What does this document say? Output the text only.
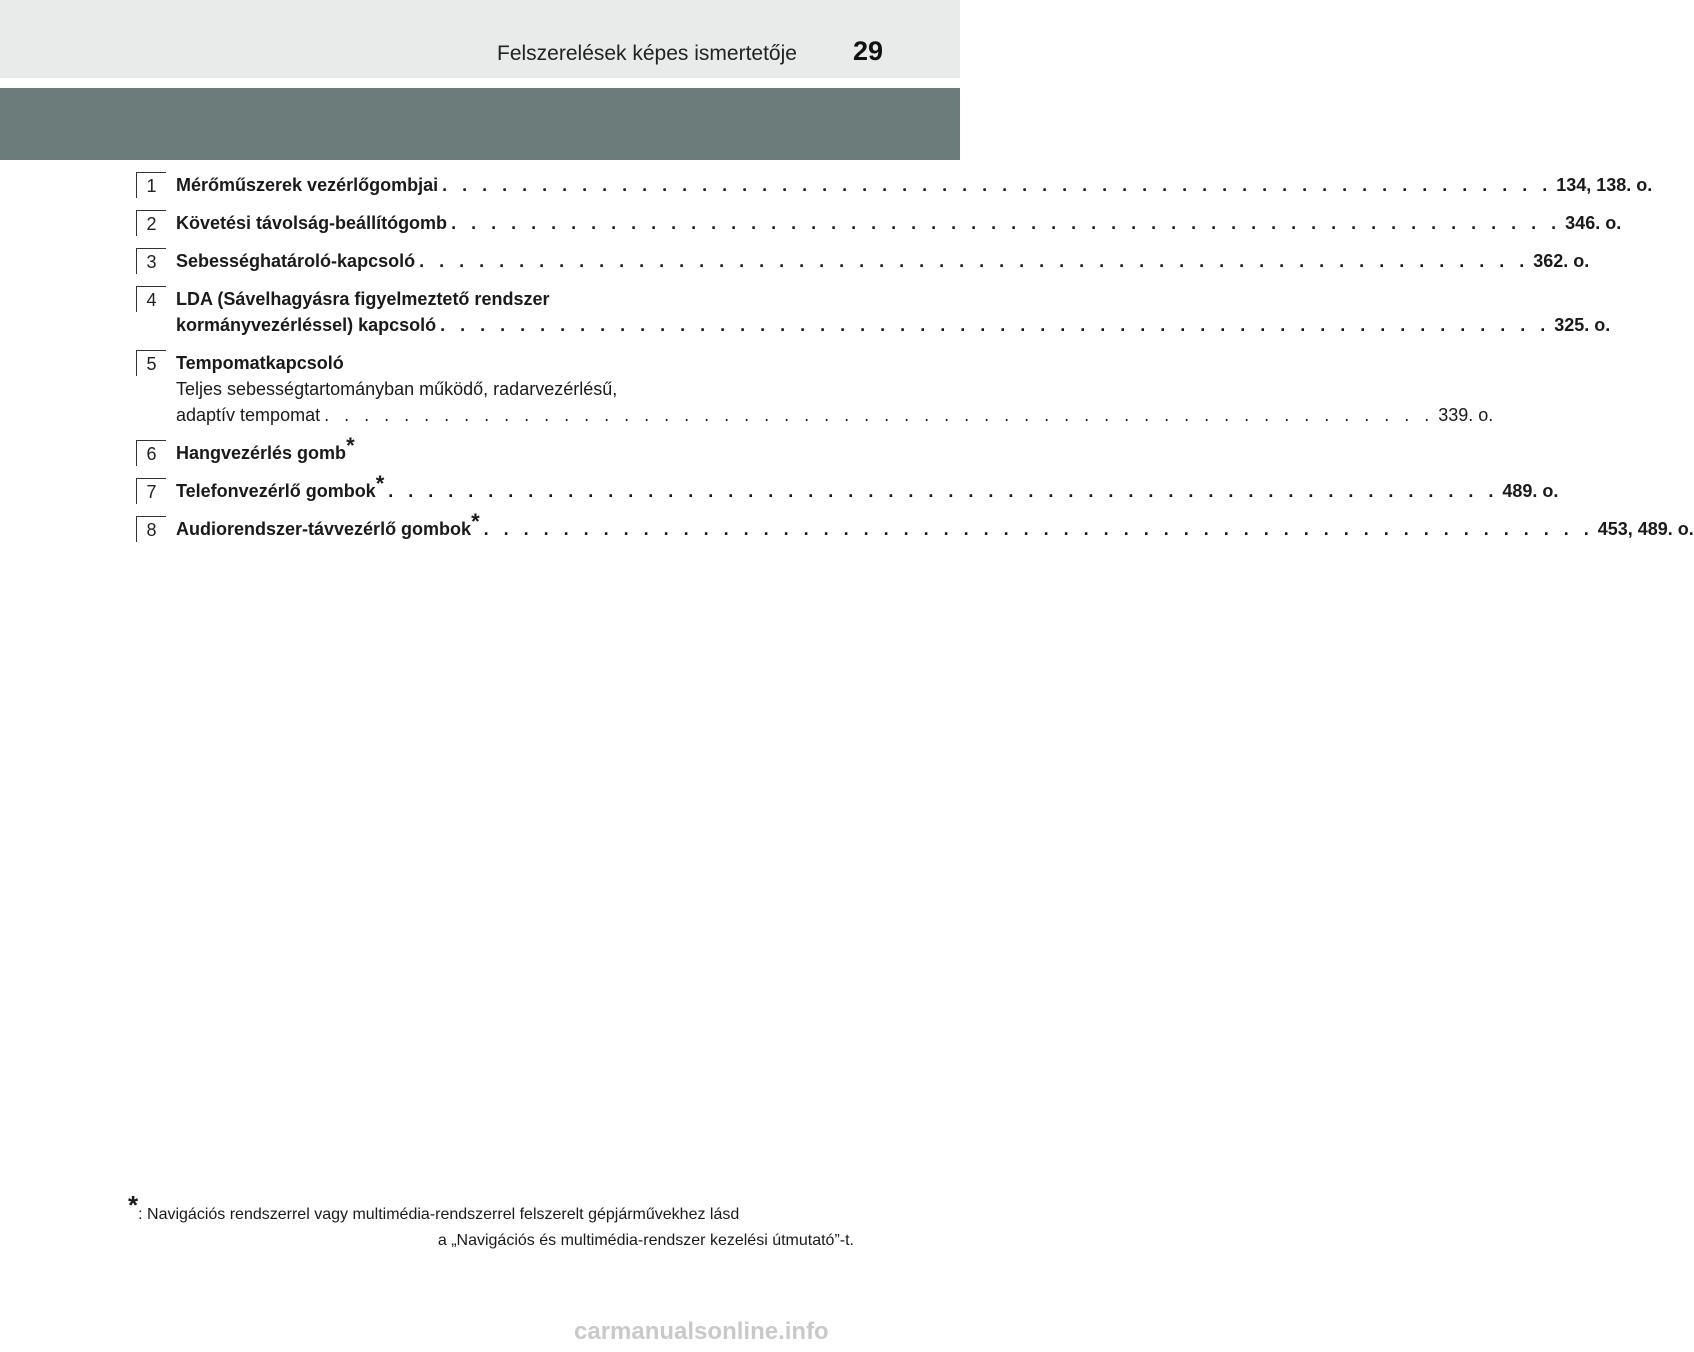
Felszerelések képes ismertetője 29
1	Mérőműszerek vezérlőgombjai . . . . . . . . . . . . . . . . . . . . . . . . . . . . . . . . . . . . . . . . . . . . . . . . . . . . . . . . 134, 138. o.
2	Követési távolság-beállítógomb . . . . . . . . . . . . . . . . . . . . . . . . . . . . . . . . . . . . . . . . . . . . . . . . . . . . . . . . 346. o.
3	Sebességhatároló-kapcsoló . . . . . . . . . . . . . . . . . . . . . . . . . . . . . . . . . . . . . . . . . . . . . . . . . . . . . . . . 362. o.
4	LDA (Sávelhagyásra figyelmeztető rendszer
kormányvezérléssel) kapcsoló . . . . . . . . . . . . . . . . . . . . . . . . . . . . . . . . . . . . . . . . . . . . . . . . . . . . . . . . 325. o.
5	Tempomatkapcsoló
Teljes sebességtartományban működő, radarvezérlésű,
adaptív tempomat . . . . . . . . . . . . . . . . . . . . . . . . . . . . . . . . . . . . . . . . . . . . . . . . . . . . . . . . 339. o.
6	Hangvezérlés gomb*
7	Telefonvezérlő gombok* . . . . . . . . . . . . . . . . . . . . . . . . . . . . . . . . . . . . . . . . . . . . . . . . . . . . . . . . 489. o.
8	Audiorendszer-távvezérlő gombok* . . . . . . . . . . . . . . . . . . . . . . . . . . . . . . . . . . . . . . . . . . . . . . . . . . . . . . . . 453, 489. o.
*: Navigációs rendszerrel vagy multimédia-rendszerrel felszerelt gépjárművekhez lásd
a „Navigációs és multimédia-rendszer kezelési útmutató”-t.
carmanualsonline.info
